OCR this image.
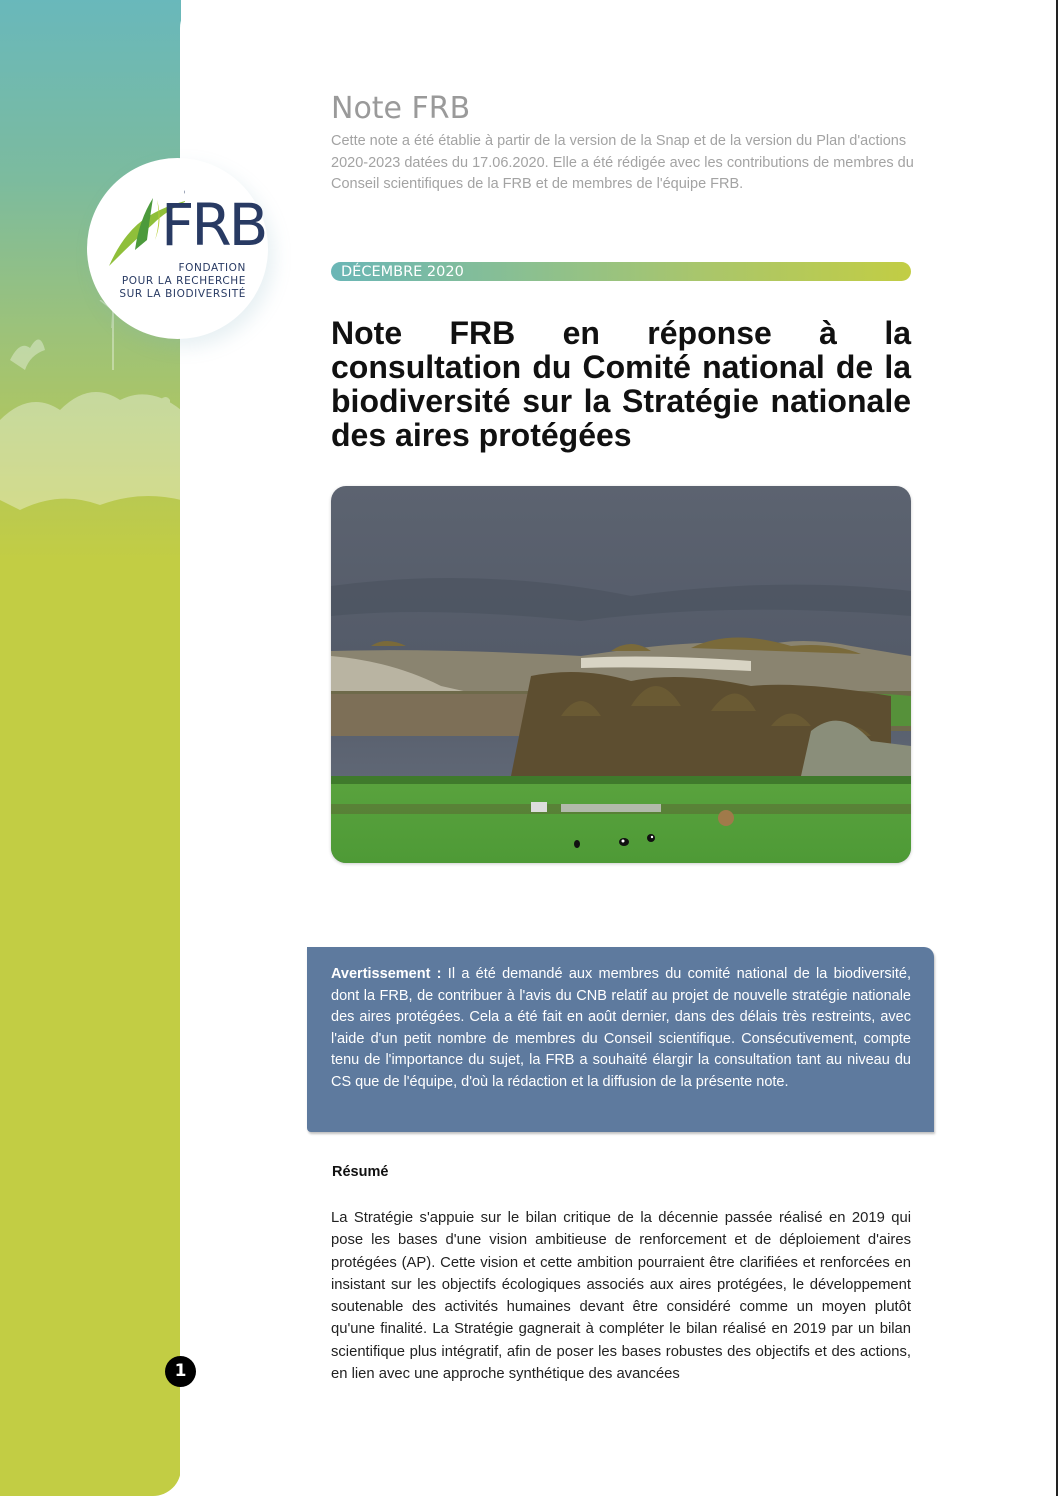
FRB
FONDATION
POUR LA RECHERCHE
SUR LA BIODIVERSITÉ
Note FRB
Cette note a été établie à partir de la version de la Snap et de la version du Plan d'actions 2020-2023 datées du 17.06.2020. Elle a été rédigée avec les contributions de membres du Conseil scientifiques de la FRB et de membres de l'équipe FRB.
DÉCEMBRE 2020
Note FRB en réponse à la consultation du Comité national de la biodiversité sur la Stratégie nationale des aires protégées
Avertissement : Il a été demandé aux membres du comité national de la biodiversité, dont la FRB, de contribuer à l'avis du CNB relatif au projet de nouvelle stratégie nationale des aires protégées. Cela a été fait en août dernier, dans des délais très restreints, avec l'aide d'un petit nombre de membres du Conseil scientifique. Consécutivement, compte tenu de l'importance du sujet, la FRB a souhaité élargir la consultation tant au niveau du CS que de l'équipe, d'où la rédaction et la diffusion de la présente note.
Résumé
La Stratégie s'appuie sur le bilan critique de la décennie passée réalisé en 2019 qui pose les bases d'une vision ambitieuse de renforcement et de déploiement d'aires protégées (AP). Cette vision et cette ambition pourraient être clarifiées et renforcées en insistant sur les objectifs écologiques associés aux aires protégées, le développement soutenable des activités humaines devant être considéré comme un moyen plutôt qu'une finalité. La Stratégie gagnerait à compléter le bilan réalisé en 2019 par un bilan scientifique plus intégratif, afin de poser les bases robustes des objectifs et des actions, en lien avec une approche synthétique des avancées
1
